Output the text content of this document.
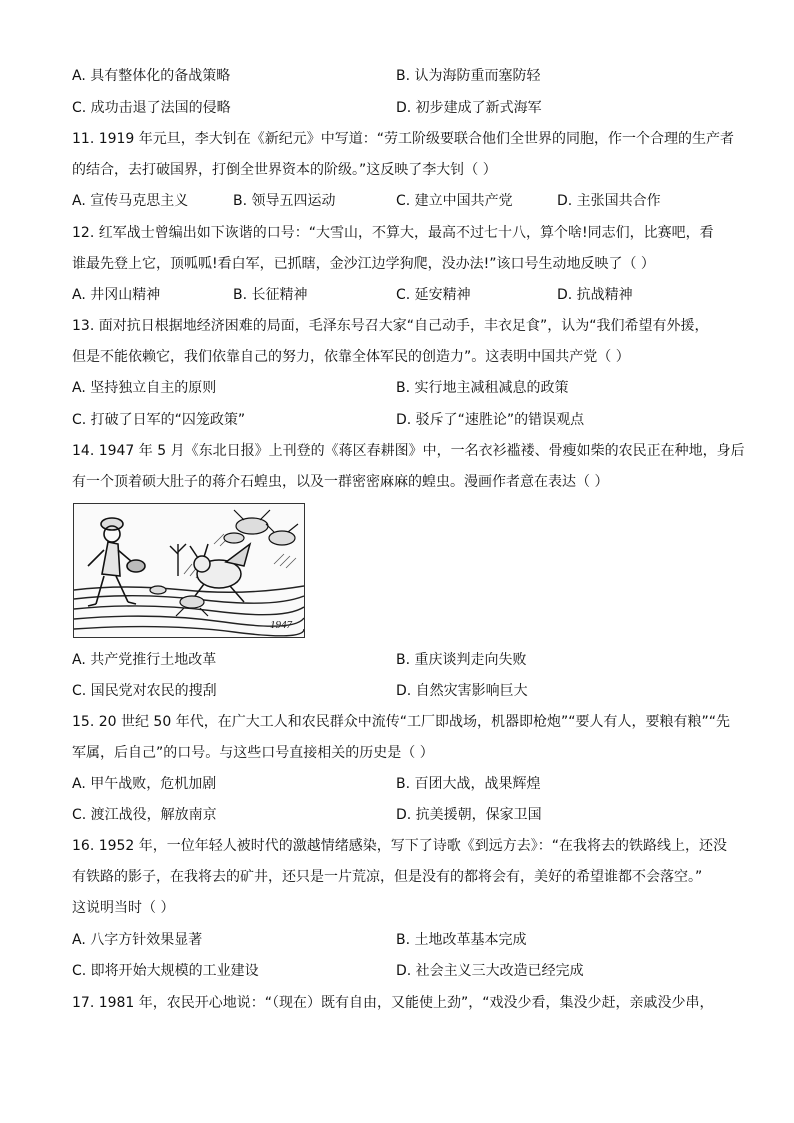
A. 具有整体化的备战策略	B. 认为海防重而塞防轻
C. 成功击退了法国的侵略	D. 初步建成了新式海军
11. 1919 年元旦，李大钊在《新纪元》中写道：“劳工阶级要联合他们全世界的同胞，作一个合理的生产者
的结合，去打破国界，打倒全世界资本的阶级。”这反映了李大钊（ ）
A. 宣传马克思主义	B. 领导五四运动	C. 建立中国共产党	D. 主张国共合作
12. 红军战士曾编出如下诙谐的口号：“大雪山，不算大，最高不过七十八，算个啥!同志们，比赛吧，看
谁最先登上它，顶呱呱!看白军，已抓瞎，金沙江边学狗爬，没办法!”该口号生动地反映了（ ）
A. 井冈山精神	B. 长征精神	C. 延安精神	D. 抗战精神
13. 面对抗日根据地经济困难的局面，毛泽东号召大家“自己动手，丰衣足食”，认为“我们希望有外援，
但是不能依赖它，我们依靠自己的努力，依靠全体军民的创造力”。这表明中国共产党（ ）
A. 坚持独立自主的原则	B. 实行地主减租减息的政策
C. 打破了日军的“囚笼政策”	D. 驳斥了“速胜论”的错误观点
14. 1947 年 5 月《东北日报》上刊登的《蒋区春耕图》中，一名衣衫褴褛、骨瘦如柴的农民正在种地，身后
有一个顶着硕大肚子的蒋介石蝗虫，以及一群密密麻麻的蝗虫。漫画作者意在表达（ ）
1947
A. 共产党推行土地改革	B. 重庆谈判走向失败
C. 国民党对农民的搜刮	D. 自然灾害影响巨大
15. 20 世纪 50 年代，在广大工人和农民群众中流传“工厂即战场，机器即枪炮”“要人有人，要粮有粮”“先
军属，后自己”的口号。与这些口号直接相关的历史是（ ）
A. 甲午战败，危机加剧	B. 百团大战，战果辉煌
C. 渡江战役，解放南京	D. 抗美援朝，保家卫国
16. 1952 年，一位年轻人被时代的激越情绪感染，写下了诗歌《到远方去》：“在我将去的铁路线上，还没
有铁路的影子，在我将去的矿井，还只是一片荒凉，但是没有的都将会有，美好的希望谁都不会落空。”
这说明当时（ ）
A. 八字方针效果显著	B. 土地改革基本完成
C. 即将开始大规模的工业建设	D. 社会主义三大改造已经完成
17. 1981 年，农民开心地说：“（现在）既有自由，又能使上劲”，“戏没少看，集没少赶，亲戚没少串，
